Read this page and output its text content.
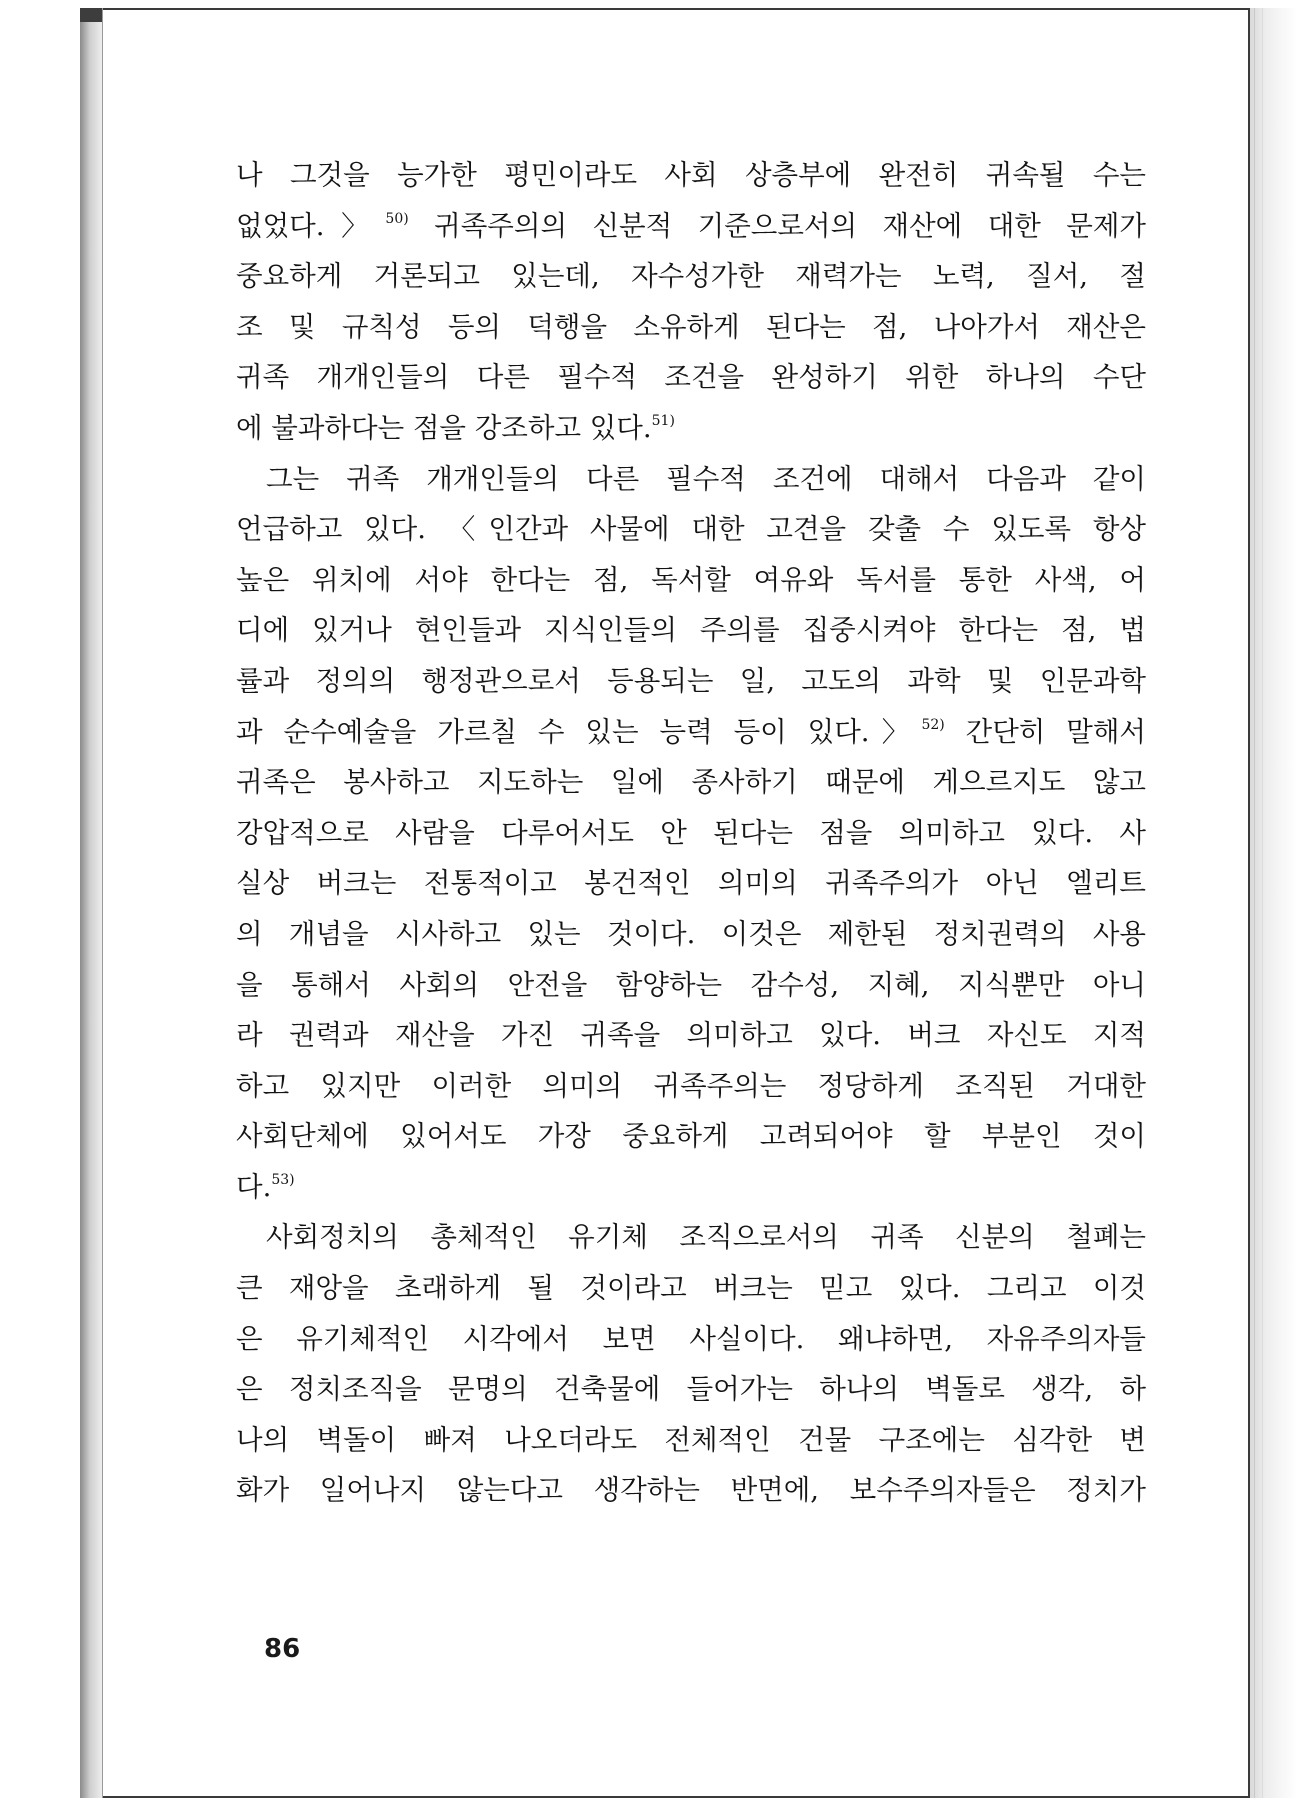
나 그것을 능가한 평민이라도 사회 상층부에 완전히 귀속될 수는
없었다.〉$^{50)}$ 귀족주의의 신분적 기준으로서의 재산에 대한 문제가
중요하게 거론되고 있는데, 자수성가한 재력가는 노력, 질서, 절
조 및 규칙성 등의 덕행을 소유하게 된다는 점, 나아가서 재산은
귀족 개개인들의 다른 필수적 조건을 완성하기 위한 하나의 수단
에 불과하다는 점을 강조하고 있다.$^{51)}$
그는 귀족 개개인들의 다른 필수적 조건에 대해서 다음과 같이
언급하고 있다. 〈인간과 사물에 대한 고견을 갖출 수 있도록 항상
높은 위치에 서야 한다는 점, 독서할 여유와 독서를 통한 사색, 어
디에 있거나 현인들과 지식인들의 주의를 집중시켜야 한다는 점, 법
률과 정의의 행정관으로서 등용되는 일, 고도의 과학 및 인문과학
과 순수예술을 가르칠 수 있는 능력 등이 있다.〉$^{52)}$ 간단히 말해서
귀족은 봉사하고 지도하는 일에 종사하기 때문에 게으르지도 않고
강압적으로 사람을 다루어서도 안 된다는 점을 의미하고 있다. 사
실상 버크는 전통적이고 봉건적인 의미의 귀족주의가 아닌 엘리트
의 개념을 시사하고 있는 것이다. 이것은 제한된 정치권력의 사용
을 통해서 사회의 안전을 함양하는 감수성, 지혜, 지식뿐만 아니
라 권력과 재산을 가진 귀족을 의미하고 있다. 버크 자신도 지적
하고 있지만 이러한 의미의 귀족주의는 정당하게 조직된 거대한
사회단체에 있어서도 가장 중요하게 고려되어야 할 부분인 것이
다.$^{53)}$
사회정치의 총체적인 유기체 조직으로서의 귀족 신분의 철폐는
큰 재앙을 초래하게 될 것이라고 버크는 믿고 있다. 그리고 이것
은 유기체적인 시각에서 보면 사실이다. 왜냐하면, 자유주의자들
은 정치조직을 문명의 건축물에 들어가는 하나의 벽돌로 생각, 하
나의 벽돌이 빠져 나오더라도 전체적인 건물 구조에는 심각한 변
화가 일어나지 않는다고 생각하는 반면에, 보수주의자들은 정치가
86
